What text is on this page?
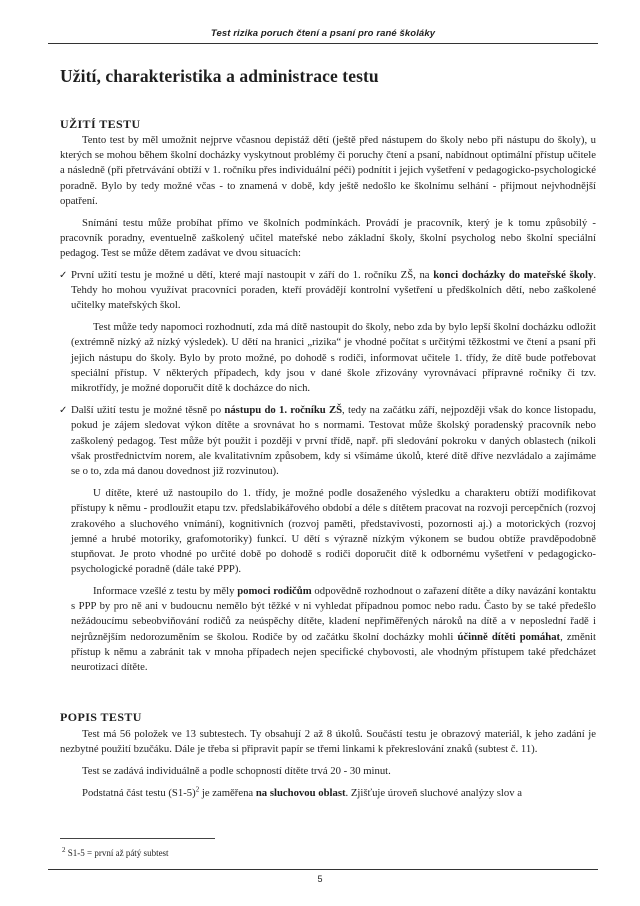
Test rizika poruch čtení a psaní pro rané školáky
Užití, charakteristika a administrace testu
UŽITÍ TESTU

Tento test by měl umožnit nejprve včasnou depistáž dětí (ještě před nástupem do školy nebo při nástupu do školy), u kterých se mohou během školní docházky vyskytnout problémy či poruchy čtení a psaní, nabídnout optimální přístup učitele a následně (při přetrvávání obtíží v 1. ročníku přes individuální péči) podnítit i jejich vyšetření v pedagogicko-psychologické poradně. Bylo by tedy možné včas - to znamená v době, kdy ještě nedošlo ke školnímu selhání - přijmout nejvhodnější opatření.

Snímání testu může probíhat přímo ve školních podmínkách. Provádí je pracovník, který je k tomu způsobilý - pracovník poradny, eventuelně zaškolený učitel mateřské nebo základní školy, školní psycholog nebo školní speciální pedagog. Test se může dětem zadávat ve dvou situacích:

✓ První užití testu je možné u dětí, které mají nastoupit v září do 1. ročníku ZŠ, na konci docházky do mateřské školy. Tehdy ho mohou využívat pracovníci poraden, kteří provádějí kontrolní vyšetření u předškolních dětí, nebo zaškolené učitelky mateřských škol.

Test může tedy napomoci rozhodnutí, zda má dítě nastoupit do školy, nebo zda by bylo lepší školní docházku odložit (extrémně nízký až nízký výsledek). U dětí na hranici „rizika“ je vhodné počítat s určitými těžkostmi ve čtení a psaní při jejich nástupu do školy. Bylo by proto možné, po dohodě s rodiči, informovat učitele 1. třídy, že dítě bude potřebovat speciální přístup. V některých případech, kdy jsou v dané škole zřizovány vyrovnávací přípravné ročníky či tzv. mikrotřídy, je možné doporučit dítě k docházce do nich.

✓ Další užití testu je možné těsně po nástupu do 1. ročníku ZŠ, tedy na začátku září, nejpozději však do konce listopadu, pokud je zájem sledovat výkon dítěte a srovnávat ho s normami. Testovat může školský poradenský pracovník nebo zaškolený pedagog. Test může být použit i později v první třídě, např. při sledování pokroku v daných oblastech (nikoli však prostřednictvím norem, ale kvalitativním způsobem, kdy si všímáme úkolů, které dítě dříve nezvládalo a zajímáme se o to, zda má danou dovednost již rozvinutou).

U dítěte, které už nastoupilo do 1. třídy, je možné podle dosaženého výsledku a charakteru obtíží modifikovat přístupy k němu - prodloužit etapu tzv. předslabikářového období a déle s dítětem pracovat na rozvoji percepčních (rozvoj zrakového a sluchového vnímání), kognitivních (rozvoj paměti, představivosti, pozornosti aj.) a motorických (rozvoj jemné a hrubé motoriky, grafomotoriky) funkcí. U dětí s výrazně nízkým výkonem se budou obtíže pravděpodobně stupňovat. Je proto vhodné po určité době po dohodě s rodiči doporučit dítě k odbornému vyšetření v pedagogicko-psychologické poradně (dále také PPP).

Informace vzešlé z testu by měly pomoci rodičům odpovědně rozhodnout o zařazení dítěte a díky navázání kontaktu s PPP by pro ně ani v budoucnu nemělo být těžké v ni vyhledat případnou pomoc nebo radu. Často by se také předešlo nežádoucímu sebeobviňování rodičů za neúspěchy dítěte, kladení nepřiměřených nároků na dítě a v neposlední řadě i nejrůznějším nedorozuměním se školou. Rodiče by od začátku školní docházky mohli účinně dítěti pomáhat, změnit přístup k němu a zabránit tak v mnoha případech nejen specifické chybovosti, ale vhodným přístupem také předcházet neurotizaci dítěte.

POPIS TESTU

Test má 56 položek ve 13 subtestech. Ty obsahují 2 až 8 úkolů. Součástí testu je obrazový materiál, k jeho zadání je nezbytné použití bzučáku. Dále je třeba si připravit papír se třemi linkami k překreslování znaků (subtest č. 11).

Test se zadává individuálně a podle schopností dítěte trvá 20 - 30 minut.

Podstatná část testu $(S1-5)^2$ je zaměřena na sluchovou oblast. Zjišťuje úroveň sluchové analýzy slov a

$^2$ S1-5 = první až pátý subtest
5
